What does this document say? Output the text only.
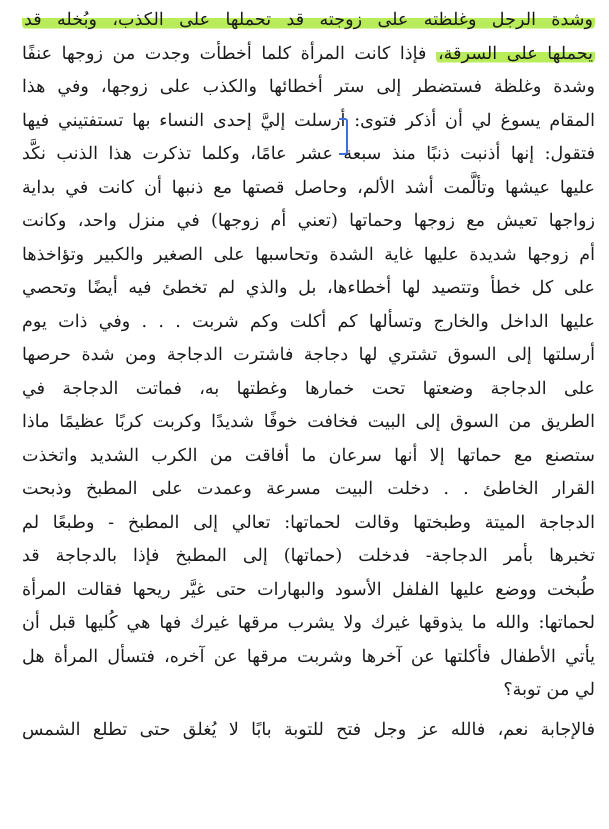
وشدة الرجل وغلظته على زوجته قد تحملها على الكذب، وبُخله قد
يحملها على السرقة، فإذا كانت المرأة كلما أخطأت وجدت من زوجها عنفًا
وشدة وغلظة فستضطر إلى ستر أخطائها والكذب على زوجها، وفي هذا
المقام يسوغ لي أن أذكر فتوى: أرسلت إليَّ إحدى النساء بها تستفتيني فيها
فتقول: إنها أذنبت ذنبًا منذ سبعة عشر عامًا، وكلما تذكرت هذا الذنب نكَّد
عليها عيشها وتألَّمت أشد الألم، وحاصل قصتها مع ذنبها أن كانت في بداية
زواجها تعيش مع زوجها وحماتها (تعني أم زوجها) في منزل واحد، وكانت
أم زوجها شديدة عليها غاية الشدة وتحاسبها على الصغير والكبير وتؤاخذها
على كل خطأ وتتصيد لها أخطاءها، بل والذي لم تخطئ فيه أيضًا وتحصي
عليها الداخل والخارج وتسألها كم أكلت وكم شربت . . . وفي ذات يوم
أرسلتها إلى السوق تشتري لها دجاجة فاشترت الدجاجة ومن شدة حرصها
على الدجاجة وضعتها تحت خمارها وغطتها به، فماتت الدجاجة في
الطريق من السوق إلى البيت فخافت خوفًا شديدًا وكربت كربًا عظيمًا ماذا
ستصنع مع حماتها إلا أنها سرعان ما أفاقت من الكرب الشديد واتخذت
القرار الخاطئ . . دخلت البيت مسرعة وعمدت على المطبخ وذبحت
الدجاجة الميتة وطبختها وقالت لحماتها: تعالي إلى المطبخ - وطبعًا لم
تخبرها بأمر الدجاجة- فدخلت (حماتها) إلى المطبخ فإذا بالدجاجة قد
طُبخت ووضع عليها الفلفل الأسود والبهارات حتى غيَّر ريحها فقالت المرأة
لحماتها: والله ما يذوقها غيرك ولا يشرب مرقها غيرك فها هي كُليها قبل أن
يأتي الأطفال فأكلتها عن آخرها وشربت مرقها عن آخره، فتسأل المرأة هل
لي من توبة؟
فالإجابة نعم، فالله عز وجل فتح للتوبة بابًا لا يُغلق حتى تطلع الشمس
